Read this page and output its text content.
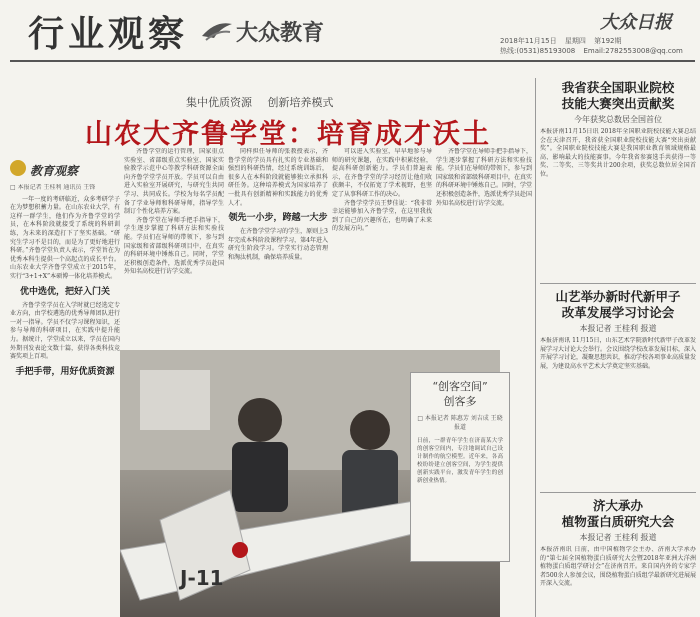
行业观察 大众教育	大众日报
2018年11月15日 星期四 第192期
热线:(0531)85193008 Email:2782553008@qq.com
集中优质资源 创新培养模式
山农大齐鲁学堂：培育成才沃土
教育观察
□ 本报记者 王桂利 通讯员 王锋

一年一度的考研临近，众多考研学子在为梦想积蓄力量。在山东农业大学，有这样一群学生，他们作为齐鲁学堂的学员，在本科阶段就接受了系统的科研训练，为未来的深造打下了坚实基础。“研究生学习不是目的，而是为了更好地进行科研。”齐鲁学堂负责人表示，学堂旨在为优秀本科生提供一个高起点的成长平台。山东农业大学齐鲁学堂成立于2015年，实行“3+1+X”本硕博一体化培养模式。

优中选优，把好入门关

齐鲁学堂学员在入学时就已经选定专业方向，由学校遴选的优秀导师团队进行一对一指导。学员不仅学习课程知识，还参与导师的科研项目，在实践中提升能力。据统计，学堂成立以来，学员在国内外期刊发表论文数十篇，获得各类科技竞赛奖项上百项。

手把手带，用好优质资源

齐鲁学堂的运行管理，国家重点实验室、省部级重点实验室、国家实验教学示范中心等教学科研资源全面向齐鲁学堂学员开放。学员可以自由进入实验室开展研究，与研究生共同学习、共同成长。学校为每名学员配备了学业导师和科研导师，指导学生制订个性化培养方案。

齐鲁学堂在导师手把手指导下，学生逐步掌握了科研方法和实验技能。学员们在导师的带领下，参与到国家级和省部级科研项目中，在真实的科研环境中锤炼自己。同时，学堂还积极创造条件，选派优秀学员赴国外知名高校进行访学交流。

同样担任导师的张教授表示，齐鲁学堂的学员具有扎实的专业基础和强烈的科研热情，经过系统训练后，很多人在本科阶段就能够独立承担科研任务。这种培养模式为国家培养了一批具有创新精神和实践能力的优秀人才。

领先一小步，跨越一大步

在齐鲁学堂学习的学生，原则上3年完成本科阶段课程学习，第4年进入研究生阶段学习。学堂实行动态管理和淘汰机制，确保培养质量。

可以进入实验室，早早地参与导师的研究课题，在实践中积累经验，提高科研创新能力。学员们普遍表示，在齐鲁学堂的学习经历让他们收获颇丰，不仅拓宽了学术视野，也坚定了从事科研工作的决心。

齐鲁学堂学员王梦佳说：“我非常幸运能够加入齐鲁学堂，在这里我找到了自己的兴趣所在，也明确了未来的发展方向。”

齐鲁学堂在导师手把手指导下，学生逐步掌握了科研方法和实验技能。学员们在导师的带领下，参与到国家级和省部级科研项目中，在真实的科研环境中锤炼自己。同时，学堂还积极创造条件，选派优秀学员赴国外知名高校进行访学交流。

J-11
“创客空间”
创客多
□ 本报记者 陈惠芳 刘吉成 王晓 报道
日前，一群青年学生在济南某大学的创客空间内，专注地调试自己设计制作的航空模型。近年来，各高校纷纷建立创客空间，为学生提供创新实践平台，激发青年学生的创新创业热情。
我省获全国职业院校
技能大赛突出贡献奖
今年获奖总数居全国首位
本报济南11月15日讯 2018年全国职业院校技能大赛总结会在天津召开，我省获全国职业院校技能大赛“突出贡献奖”。全国职业院校技能大赛是我国职业教育领域规格最高、影响最大的技能赛事。今年我省参赛选手共获得一等奖、二等奖、三等奖共计200余项，获奖总数位居全国首位。
山艺举办新时代新甲子
改革发展学习讨论会
本报记者 王桂利 报道
本报济南讯 11月15日，山东艺术学院新时代新甲子改革发展学习大讨论大会举行。会议围绕学校改革发展目标，深入开展学习讨论，凝聚思想共识，推动学校各项事业高质量发展，为建设高水平艺术大学奠定坚实基础。
济大承办
植物蛋白质研究大会
本报记者 王桂利 报道
本报济南讯 日前，由中国植物学会主办、济南大学承办的“第七届全国植物蛋白质研究大会暨2018年亚洲大洋洲植物蛋白质组学研讨会”在济南召开。来自国内外的专家学者500余人参加会议，围绕植物蛋白质组学最新研究进展展开深入交流。
